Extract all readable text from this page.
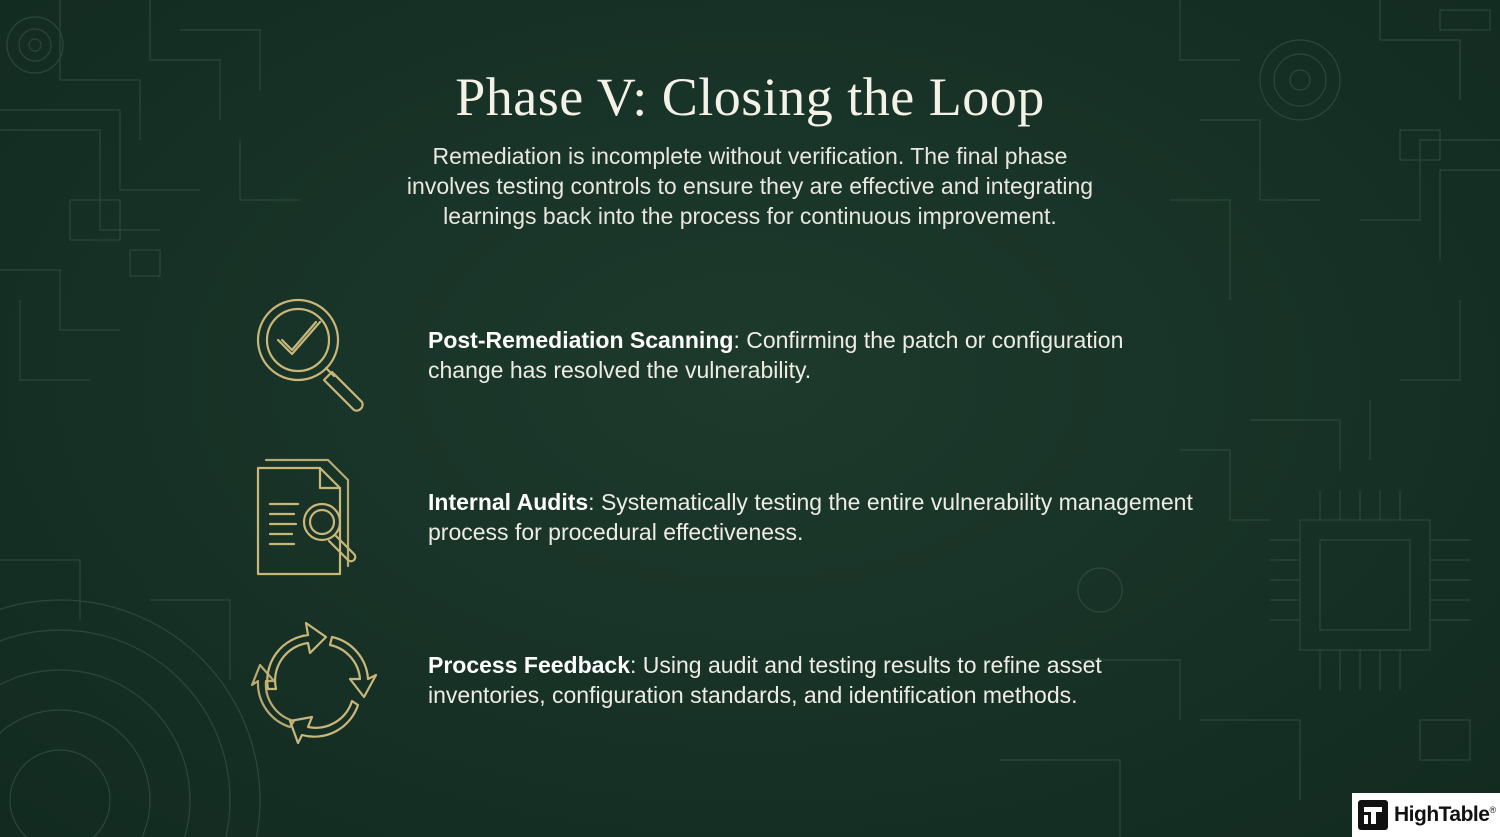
Phase V: Closing the Loop

Remediation is incomplete without verification. The final phase
involves testing controls to ensure they are effective and integrating
learnings back into the process for continuous improvement.

Post-Remediation Scanning: Confirming the patch or configuration
change has resolved the vulnerability.

Internal Audits: Systematically testing the entire vulnerability management
process for procedural effectiveness.

Process Feedback: Using audit and testing results to refine asset
inventories, configuration standards, and identification methods.

HighTable®
